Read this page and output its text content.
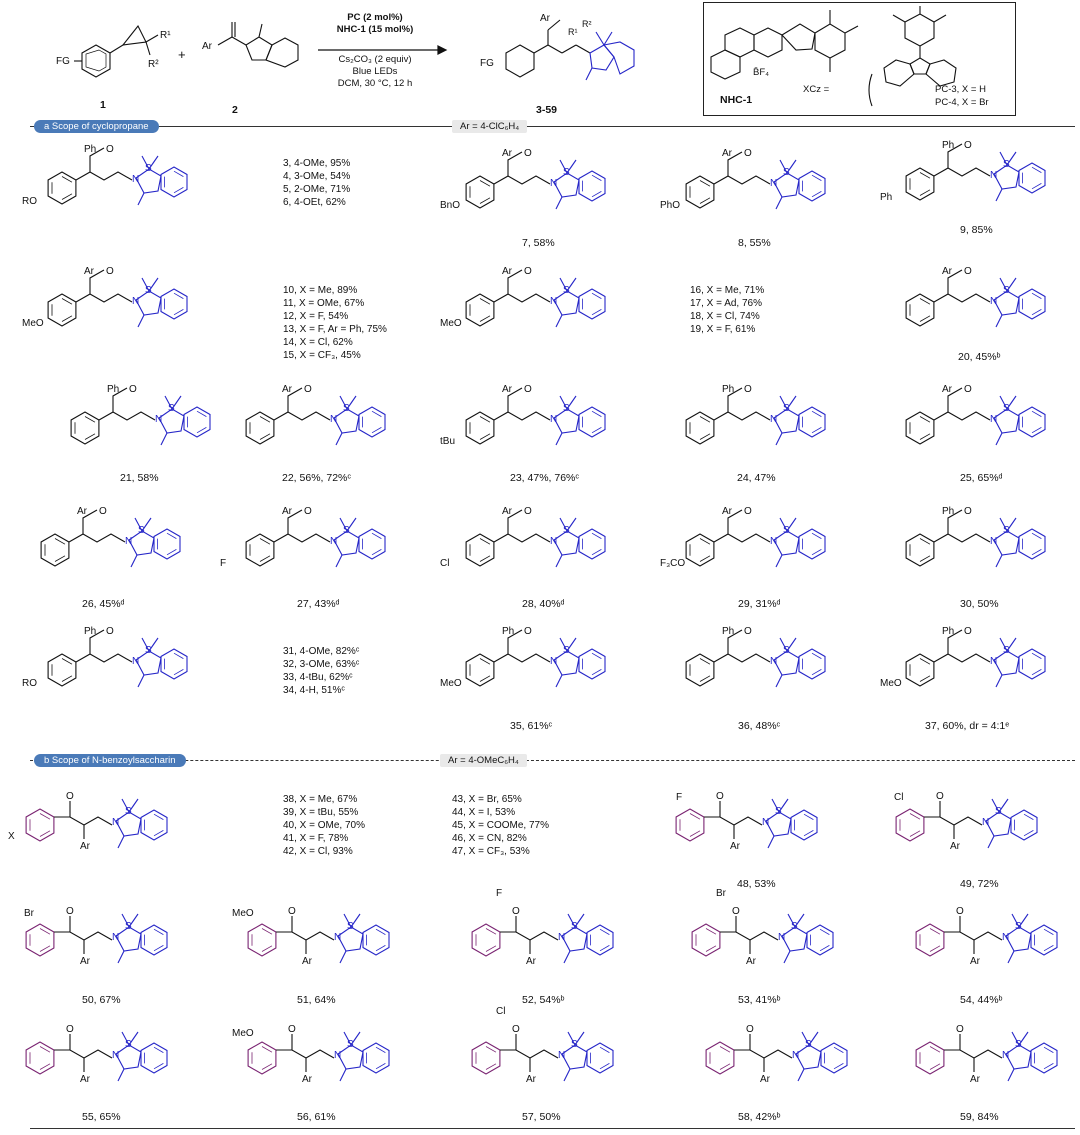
1	2	3-59
+
PC (2 mol%)
NHC-1 (15 mol%)
Cs₂CO₃ (2 equiv)
Blue LEDs
DCM, 30 °C, 12 h
NHC-1
B̄F₄
XCz =	PC-3, X = H
PC-4, X = Br
a Scope of cyclopropane	Ar = 4-ClC₆H₄
b Scope of N-benzoylsaccharin	Ar = 4-OMeC₆H₄
3, 4-OMe, 95%
4, 3-OMe, 54%
5, 2-OMe, 71%
6, 4-OEt, 62%
10, X = Me, 89%
11, X = OMe, 67%
12, X = F, 54%
13, X = F, Ar = Ph, 75%
14, X = Cl, 62%
15, X = CF₃, 45%
16, X = Me, 71%
17, X = Ad, 76%
18, X = Cl, 74%
19, X = F, 61%
31, 4-OMe, 82%ᶜ
32, 3-OMe, 63%ᶜ
33, 4-tBu, 62%ᶜ
34, 4-H, 51%ᶜ
38, X = Me, 67%
39, X = tBu, 55%
40, X = OMe, 70%
41, X = F, 78%
42, X = Cl, 93%
43, X = Br, 65%
44, X = I, 53%
45, X = COOMe, 77%
46, X = CN, 82%
47, X = CF₃, 53%
7, 58%	8, 55%
9, 85%
20, 45%ᵇ
21, 58%	22, 56%, 72%ᶜ	23, 47%, 76%ᶜ	24, 47%	25, 65%ᵈ
26, 45%ᵈ	27, 43%ᵈ	28, 40%ᵈ	29, 31%ᵈ	30, 50%
35, 61%ᶜ	36, 48%ᶜ	37, 60%, dr = 4:1ᵉ
48, 53%	49, 72%
50, 67%	51, 64%	52, 54%ᵇ	53, 41%ᵇ	54, 44%ᵇ
55, 65%	56, 61%	57, 50%	58, 42%ᵇ	59, 84%
FG
R¹
R²
Ar
Ar
FG
R¹
R²
Ph O
RO
S
N
Ar O
BnO
S
N
Ar O
PhO
S
N
Ph O
Ph
S
N
Ar O
MeO
S
N
Ar O
MeO
S
N
Ar O
S
N
Ph O
S
N
Ar O
S
N
Ar O
tBu
S
N
Ph O
S
N
Ar O
S
N
Ar O
S
N
Ar O
F
S
N
Ar O
Cl
S
N
Ar O
F₃CO
S
N
Ph O
S
N
Ph O
RO
S
N
Ph O
MeO
S
N
Ph O
S
N
Ph O
MeO
S
N
O
Ar
X
S
N
O
Ar
F
S
N
O
Ar
Cl
S
N
O
Ar
Br
S
N
O
Ar
MeO
S
N
O
Ar
F
S
N
O
Ar
Br
S
N
O
Ar
S
N
O
Ar
S
N
O
Ar
MeO
S
N
O
Ar
Cl
S
N
O
Ar
S
N
O
Ar
S
N
